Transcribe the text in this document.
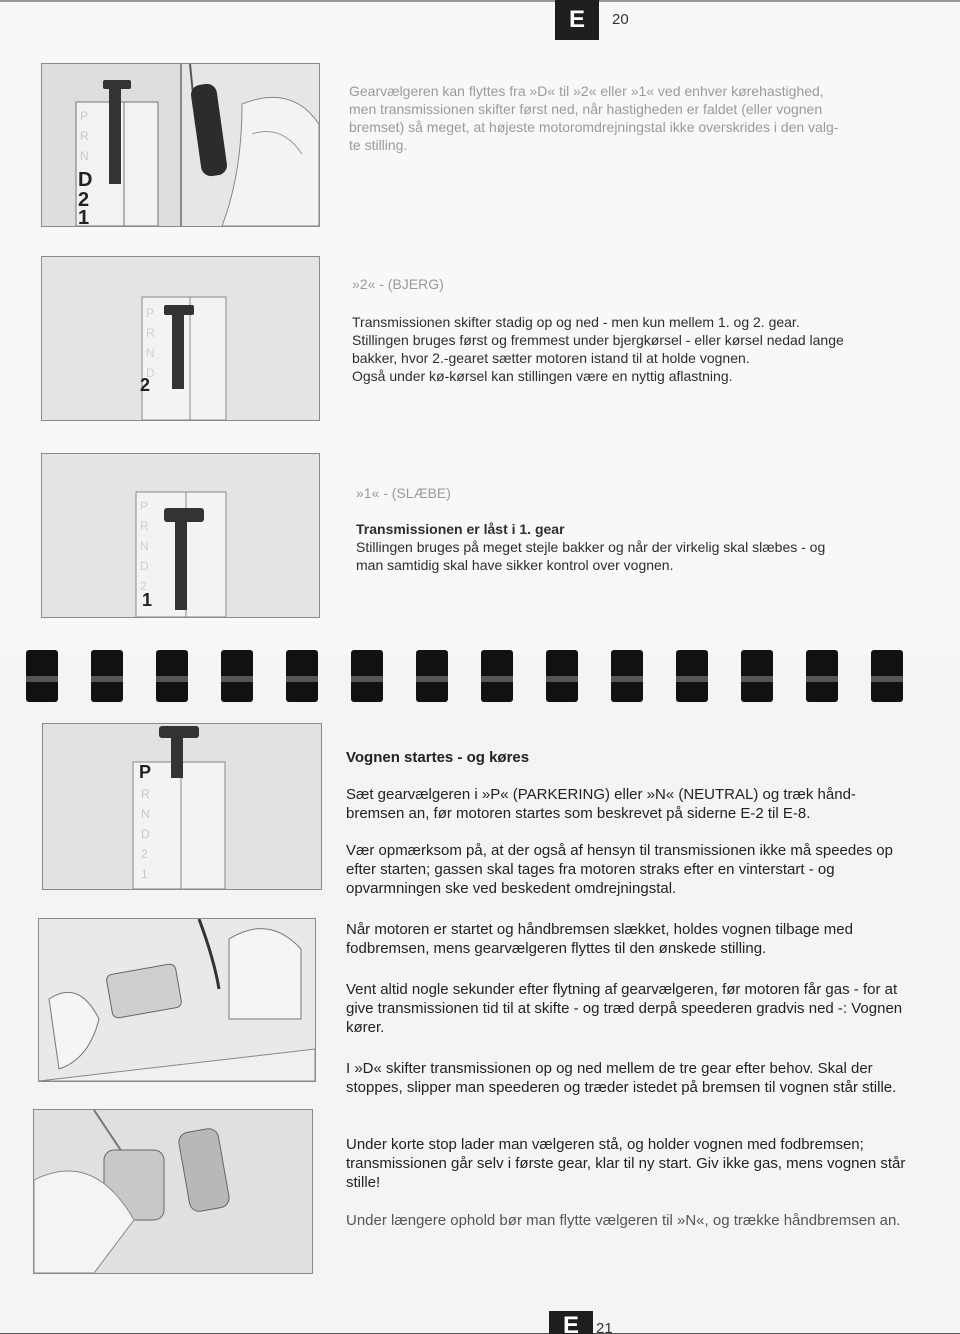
E	20
P
R
N
D
2
1

Gearvælgeren kan flyttes fra »D« til »2« eller »1« ved enhver kørehastighed,

men transmissionen skifter først ned, når hastigheden er faldet (eller vognen

bremset) så meget, at højeste motoromdrejningstal ikke overskrides i den valg-

te stilling.

P
R
N
D
2

»2« - (BJERG)

Transmissionen skifter stadig op og ned - men kun mellem 1. og 2. gear.

Stillingen bruges først og fremmest under bjergkørsel - eller kørsel nedad lange

bakker, hvor 2.-gearet sætter motoren istand til at holde vognen.

Også under kø-kørsel kan stillingen være en nyttig aflastning.

P
R
N
D
2
1

»1« - (SLÆBE)

Transmissionen er låst i 1. gear

Stillingen bruges på meget stejle bakker og når der virkelig skal slæbes - og

man samtidig skal have sikker kontrol over vognen.

R
N
D
2
1
P
Vognen startes - og køres
Sæt gearvælgeren i »P« (PARKERING) eller »N« (NEUTRAL) og træk hånd-bremsen an, før motoren startes som beskrevet på siderne E-2 til E-8.
Vær opmærksom på, at der også af hensyn til transmissionen ikke må speedes op efter starten; gassen skal tages fra motoren straks efter en vinterstart - og opvarmningen ske ved beskedent omdrejningstal.
Når motoren er startet og håndbremsen slækket, holdes vognen tilbage med fodbremsen, mens gearvælgeren flyttes til den ønskede stilling.
Vent altid nogle sekunder efter flytning af gearvælgeren, før motoren får gas - for at give transmissionen tid til at skifte - og træd derpå speederen gradvis ned -: Vognen kører.
I »D« skifter transmissionen op og ned mellem de tre gear efter behov. Skal der stoppes, slipper man speederen og træder istedet på bremsen til vognen står stille.
Under korte stop lader man vælgeren stå, og holder vognen med fodbremsen; transmissionen går selv i første gear, klar til ny start. Giv ikke gas, mens vognen står stille!
Under længere ophold bør man flytte vælgeren til »N«, og trække håndbremsen an.
E	21
